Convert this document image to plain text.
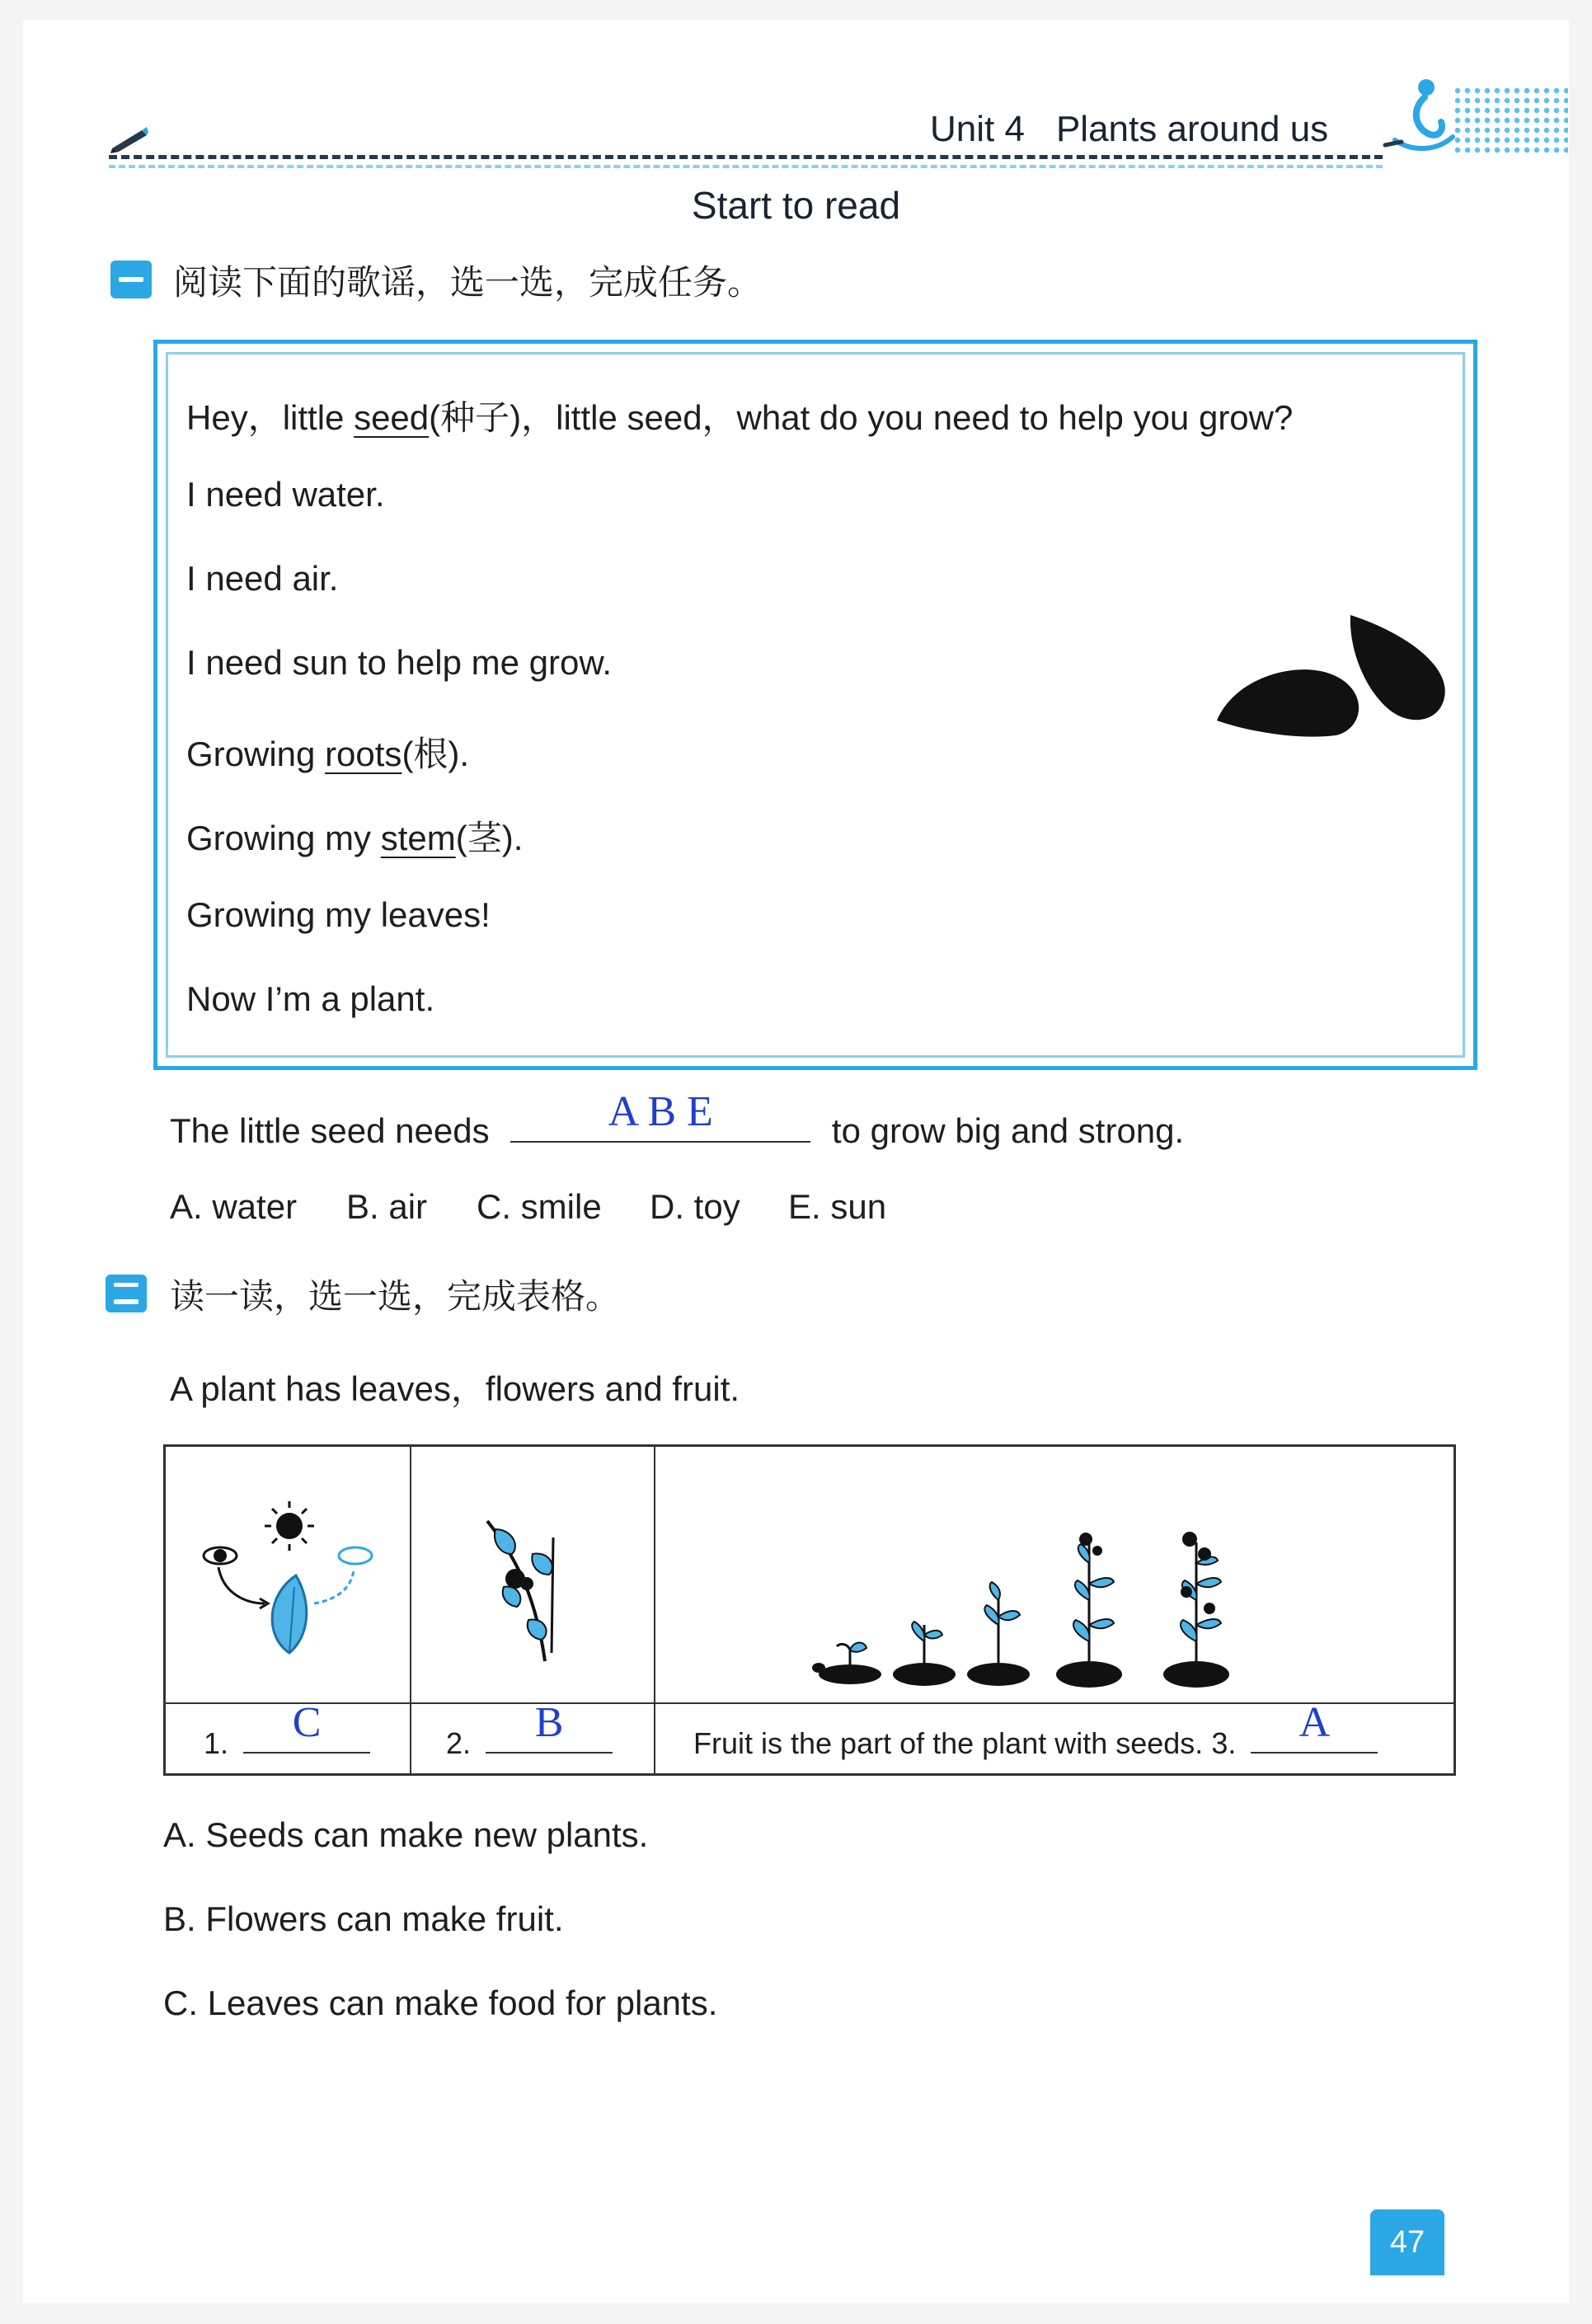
Unit 4 Plants around us
Start to read
阅读下面的歌谣，选一选，完成任务。
Hey，little seed(种子)，little seed，what do you need to help you grow?
I need water.
I need air.
I need sun to help me grow.
Growing roots(根).
Growing my stem(茎).
Growing my leaves!
Now I’m a plant.
The little seed needs	A B E	to grow big and strong.
A. water B. air C. smile D. toy E. sun
读一读，选一选，完成表格。
A plant has leaves，flowers and fruit.
1.	C	2.	B	Fruit is the part of the plant with seeds. 3.	A
A. Seeds can make new plants.
B. Flowers can make fruit.
C. Leaves can make food for plants.
47
